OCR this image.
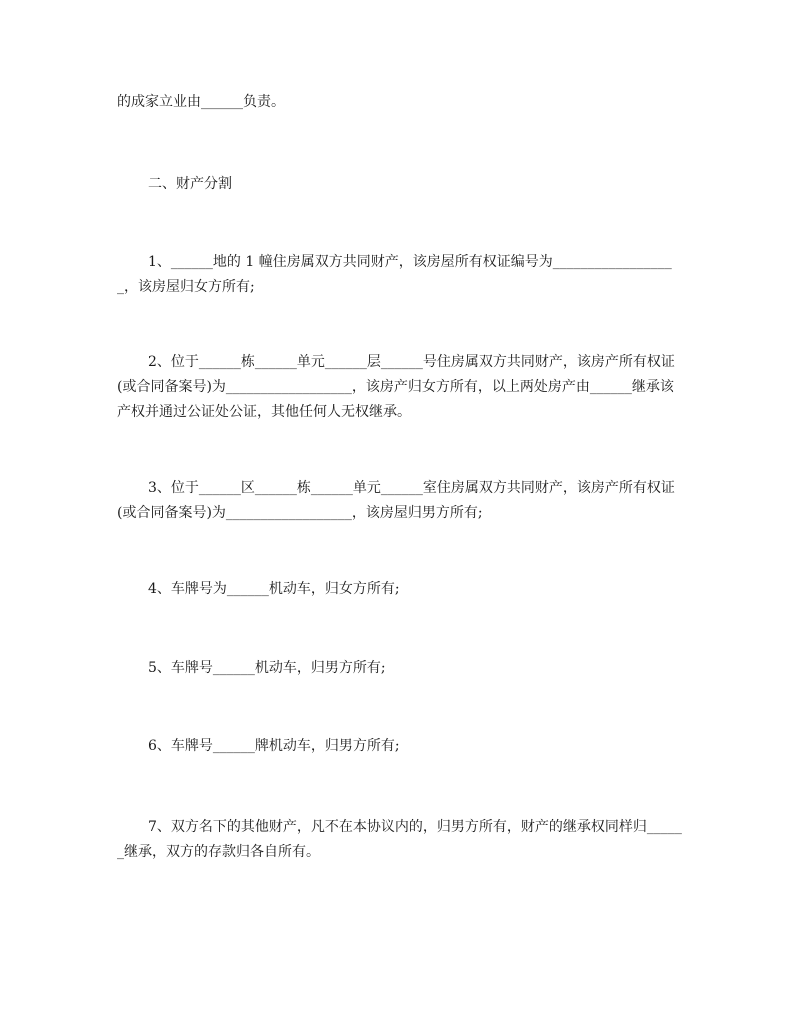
的成家立业由______负责。

二、财产分割

1、______地的 1 幢住房属双方共同财产，该房屋所有权证编号为__________________，该房屋归女方所有;

2、位于______栋______单元______层______号住房属双方共同财产，该房产所有权证(或合同备案号)为__________________，该房产归女方所有，以上两处房产由______继承该产权并通过公证处公证，其他任何人无权继承。

3、位于______区______栋______单元______室住房属双方共同财产，该房产所有权证(或合同备案号)为__________________，该房屋归男方所有;

4、车牌号为______机动车，归女方所有;

5、车牌号______机动车，归男方所有;

6、车牌号______牌机动车，归男方所有;

7、双方名下的其他财产，凡不在本协议内的，归男方所有，财产的继承权同样归______继承，双方的存款归各自所有。
